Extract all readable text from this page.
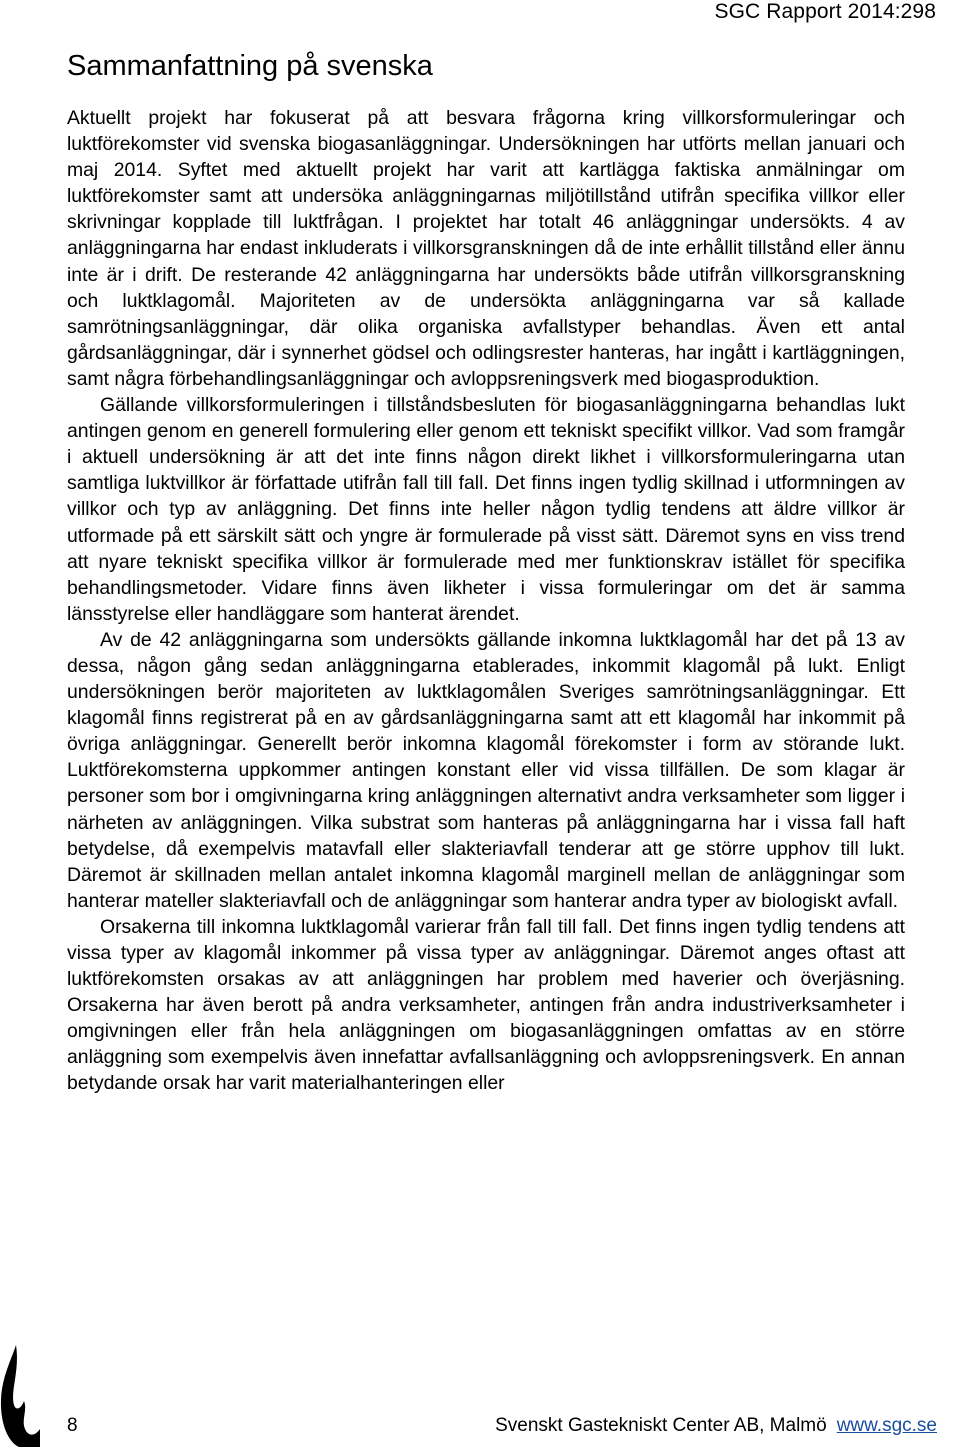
SGC Rapport 2014:298
Sammanfattning på svenska

Aktuellt projekt har fokuserat på att besvara frågorna kring villkorsformuleringar och luktförekomster vid svenska biogasanläggningar. Undersökningen har utförts mellan januari och maj 2014. Syftet med aktuellt projekt har varit att kartlägga faktiska anmälningar om luktförekomster samt att undersöka anläggningarnas miljötillstånd utifrån specifika villkor eller skrivningar kopplade till luktfrågan. I projektet har totalt 46 anläggningar undersökts. 4 av anläggningarna har endast inkluderats i villkorsgranskningen då de inte erhållit tillstånd eller ännu inte är i drift. De resterande 42 anläggningarna har undersökts både utifrån villkorsgranskning och luktklagomål. Majoriteten av de undersökta anläggningarna var så kallade samrötningsanläggningar, där olika organiska avfallstyper behandlas. Även ett antal gårdsanläggningar, där i synnerhet gödsel och odlingsrester hanteras, har ingått i kartläggningen, samt några förbehandlingsanläggningar och avloppsreningsverk med biogasproduktion.

Gällande villkorsformuleringen i tillståndsbesluten för biogasanläggningarna behandlas lukt antingen genom en generell formulering eller genom ett tekniskt specifikt villkor. Vad som framgår i aktuell undersökning är att det inte finns någon direkt likhet i villkorsformuleringarna utan samtliga luktvillkor är författade utifrån fall till fall. Det finns ingen tydlig skillnad i utformningen av villkor och typ av anläggning. Det finns inte heller någon tydlig tendens att äldre villkor är utformade på ett särskilt sätt och yngre är formulerade på visst sätt. Däremot syns en viss trend att nyare tekniskt specifika villkor är formulerade med mer funktionskrav istället för specifika behandlingsmetoder. Vidare finns även likheter i vissa formuleringar om det är samma länsstyrelse eller handläggare som hanterat ärendet.

Av de 42 anläggningarna som undersökts gällande inkomna luktklagomål har det på 13 av dessa, någon gång sedan anläggningarna etablerades, inkommit klagomål på lukt. Enligt undersökningen berör majoriteten av luktklagomålen Sveriges samrötningsanläggningar. Ett klagomål finns registrerat på en av gårdsanläggningarna samt att ett klagomål har inkommit på övriga anläggningar. Generellt berör inkomna klagomål förekomster i form av störande lukt. Luktförekomsterna uppkommer antingen konstant eller vid vissa tillfällen. De som klagar är personer som bor i omgivningarna kring anläggningen alternativt andra verksamheter som ligger i närheten av anläggningen. Vilka substrat som hanteras på anläggningarna har i vissa fall haft betydelse, då exempelvis matavfall eller slakteriavfall tenderar att ge större upphov till lukt. Däremot är skillnaden mellan antalet inkomna klagomål marginell mellan de anläggningar som hanterar mateller slakteriavfall och de anläggningar som hanterar andra typer av biologiskt avfall.

Orsakerna till inkomna luktklagomål varierar från fall till fall. Det finns ingen tydlig tendens att vissa typer av klagomål inkommer på vissa typer av anläggningar. Däremot anges oftast att luktförekomsten orsakas av att anläggningen har problem med haverier och överjäsning. Orsakerna har även berott på andra verksamheter, antingen från andra industriverksamheter i omgivningen eller från hela anläggningen om biogasanläggningen omfattas av en större anläggning som exempelvis även innefattar avfallsanläggning och avloppsreningsverk. En annan betydande orsak har varit materialhanteringen eller

8	Svenskt Gastekniskt Center AB, Malmö www.sgc.se
